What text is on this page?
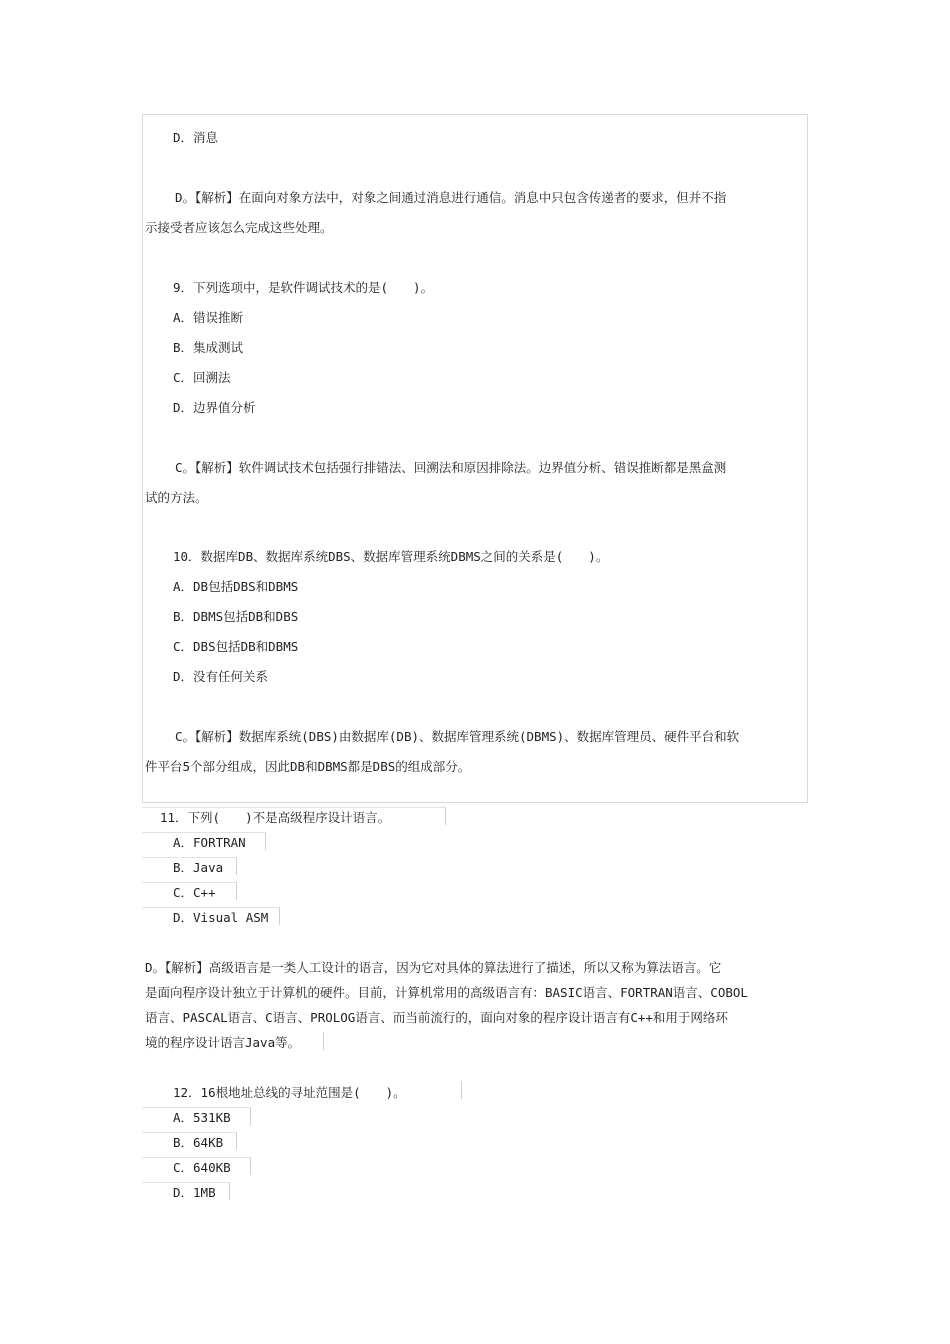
D．消息
D。【解析】在面向对象方法中，对象之间通过消息进行通信。消息中只包含传递者的要求，但并不指
示接受者应该怎么完成这些处理。
9．下列选项中，是软件调试技术的是(　　)。
A．错误推断
B．集成测试
C．回溯法
D．边界值分析
C。【解析】软件调试技术包括强行排错法、回溯法和原因排除法。边界值分析、错误推断都是黑盒测
试的方法。
10．数据库DB、数据库系统DBS、数据库管理系统DBMS之间的关系是(　　)。
A．DB包括DBS和DBMS
B．DBMS包括DB和DBS
C．DBS包括DB和DBMS
D．没有任何关系
C。【解析】数据库系统(DBS)由数据库(DB)、数据库管理系统(DBMS)、数据库管理员、硬件平台和软
件平台5个部分组成，因此DB和DBMS都是DBS的组成部分。
11．下列(　　)不是高级程序设计语言。
A．FORTRAN
B．Java
C．C++
D．Visual ASM
D。【解析】高级语言是一类人工设计的语言，因为它对具体的算法进行了描述，所以又称为算法语言。它
是面向程序设计独立于计算机的硬件。目前，计算机常用的高级语言有：BASIC语言、FORTRAN语言、COBOL
语言、PASCAL语言、C语言、PROLOG语言、而当前流行的，面向对象的程序设计语言有C++和用于网络环
境的程序设计语言Java等。
12．16根地址总线的寻址范围是(　　)。
A．531KB
B．64KB
C．640KB
D．1MB
